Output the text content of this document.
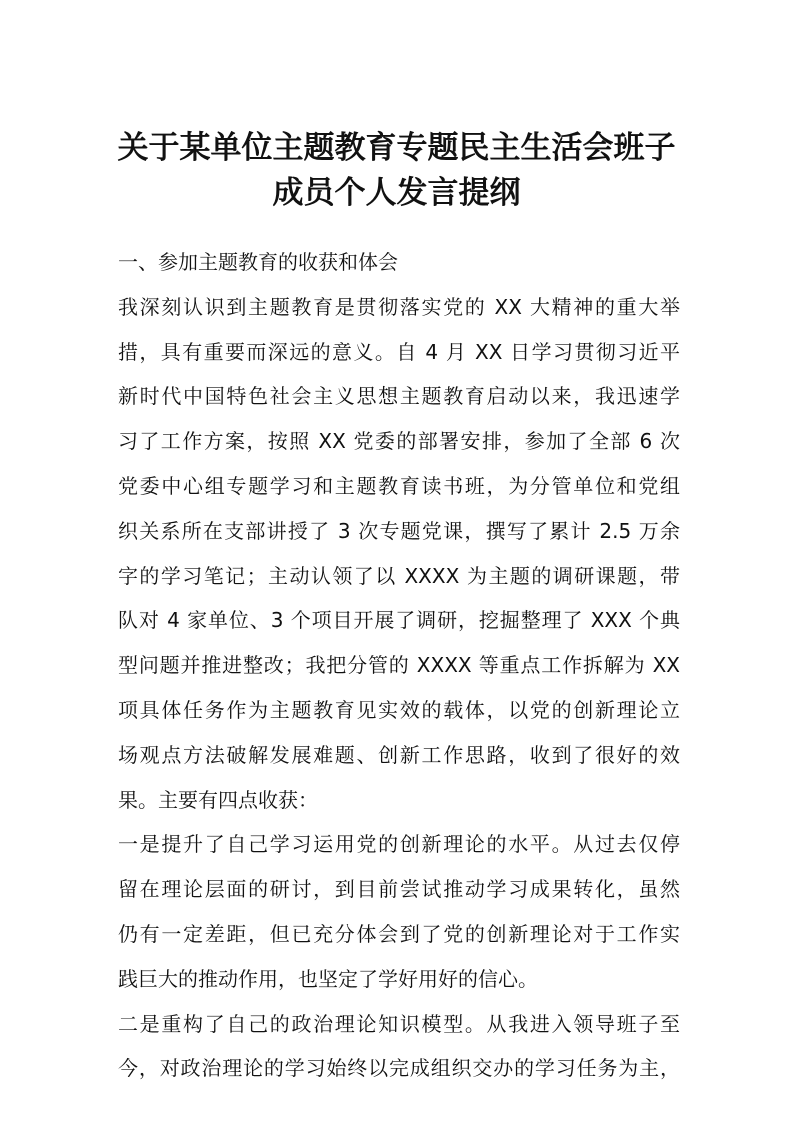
关于某单位主题教育专题民主生活会班子
成员个人发言提纲
一、参加主题教育的收获和体会
我深刻认识到主题教育是贯彻落实党的 XX 大精神的重大举
措，具有重要而深远的意义。自 4 月 XX 日学习贯彻习近平
新时代中国特色社会主义思想主题教育启动以来，我迅速学
习了工作方案，按照 XX 党委的部署安排，参加了全部 6 次
党委中心组专题学习和主题教育读书班，为分管单位和党组
织关系所在支部讲授了 3 次专题党课，撰写了累计 2.5 万余
字的学习笔记；主动认领了以 XXXX 为主题的调研课题，带
队对 4 家单位、3 个项目开展了调研，挖掘整理了 XXX 个典
型问题并推进整改；我把分管的 XXXX 等重点工作拆解为 XX
项具体任务作为主题教育见实效的载体，以党的创新理论立
场观点方法破解发展难题、创新工作思路，收到了很好的效
果。主要有四点收获：
一是提升了自己学习运用党的创新理论的水平。从过去仅停
留在理论层面的研讨，到目前尝试推动学习成果转化，虽然
仍有一定差距，但已充分体会到了党的创新理论对于工作实
践巨大的推动作用，也坚定了学好用好的信心。
二是重构了自己的政治理论知识模型。从我进入领导班子至
今，对政治理论的学习始终以完成组织交办的学习任务为主，
